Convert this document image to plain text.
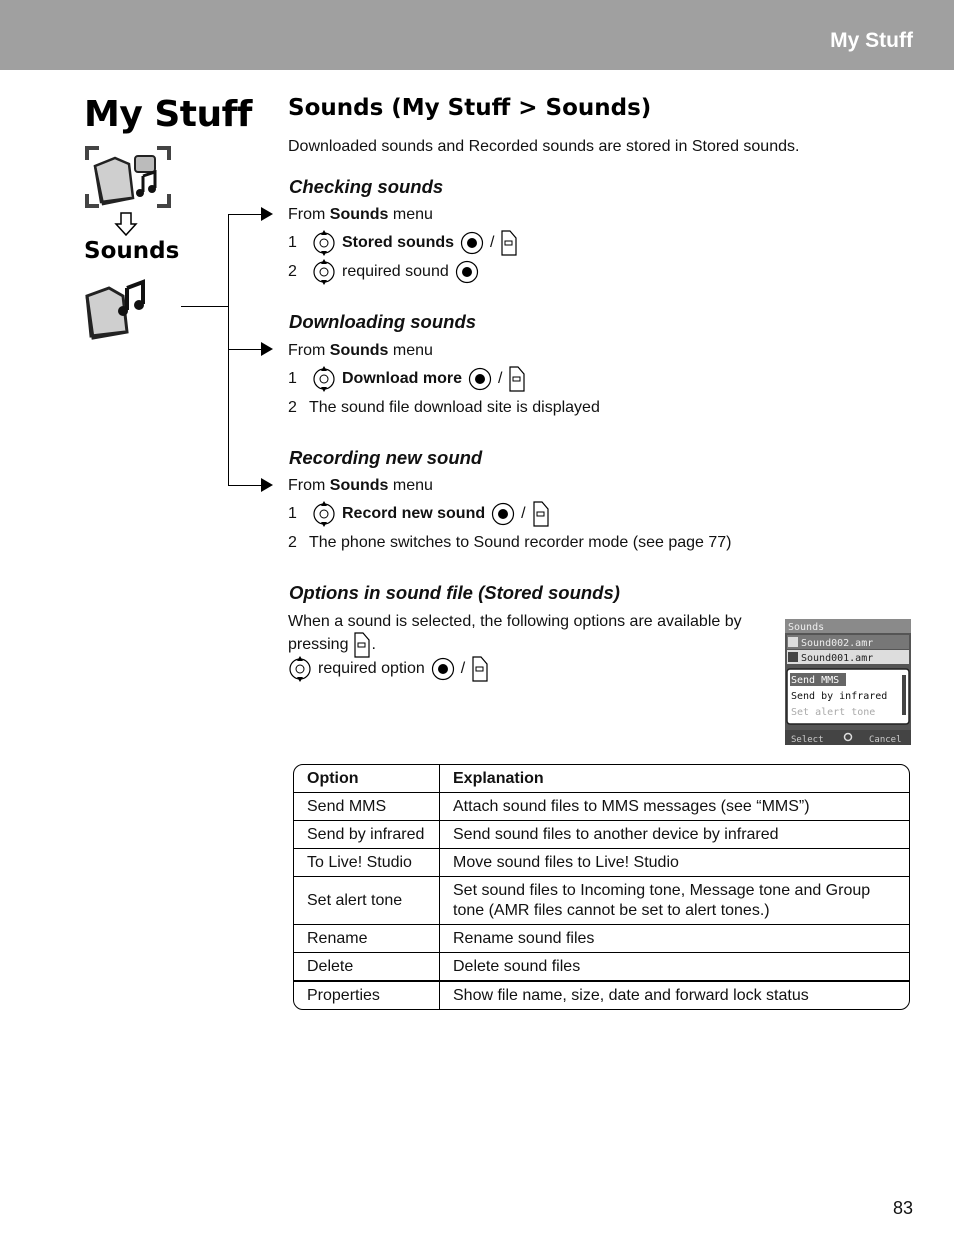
My Stuff
My Stuff
Sounds
Sounds (My Stuff > Sounds)
Downloaded sounds and Recorded sounds are stored in Stored sounds.
Checking sounds
From Sounds menu
1	Stored sounds /
2	required sound
Downloading sounds
From Sounds menu
1	Download more /
2 The sound file download site is displayed
Recording new sound
From Sounds menu
1	Record new sound /
2 The phone switches to Sound recorder mode (see page 77)
Options in sound file (Stored sounds)
When a sound is selected, the following options are available by
pressing .
required option /
Sounds
Sound002.amr
Sound001.amr
Send MMS
Send by infrared
Set alert tone
Select	Cancel
Option	Explanation
Send MMS	Attach sound files to MMS messages (see “MMS”)
Send by infrared	Send sound files to another device by infrared
To Live! Studio	Move sound files to Live! Studio
Set alert tone	Set sound files to Incoming tone, Message tone and Group tone (AMR files cannot be set to alert tones.)
Rename	Rename sound files
Delete	Delete sound files
Properties	Show file name, size, date and forward lock status
83
